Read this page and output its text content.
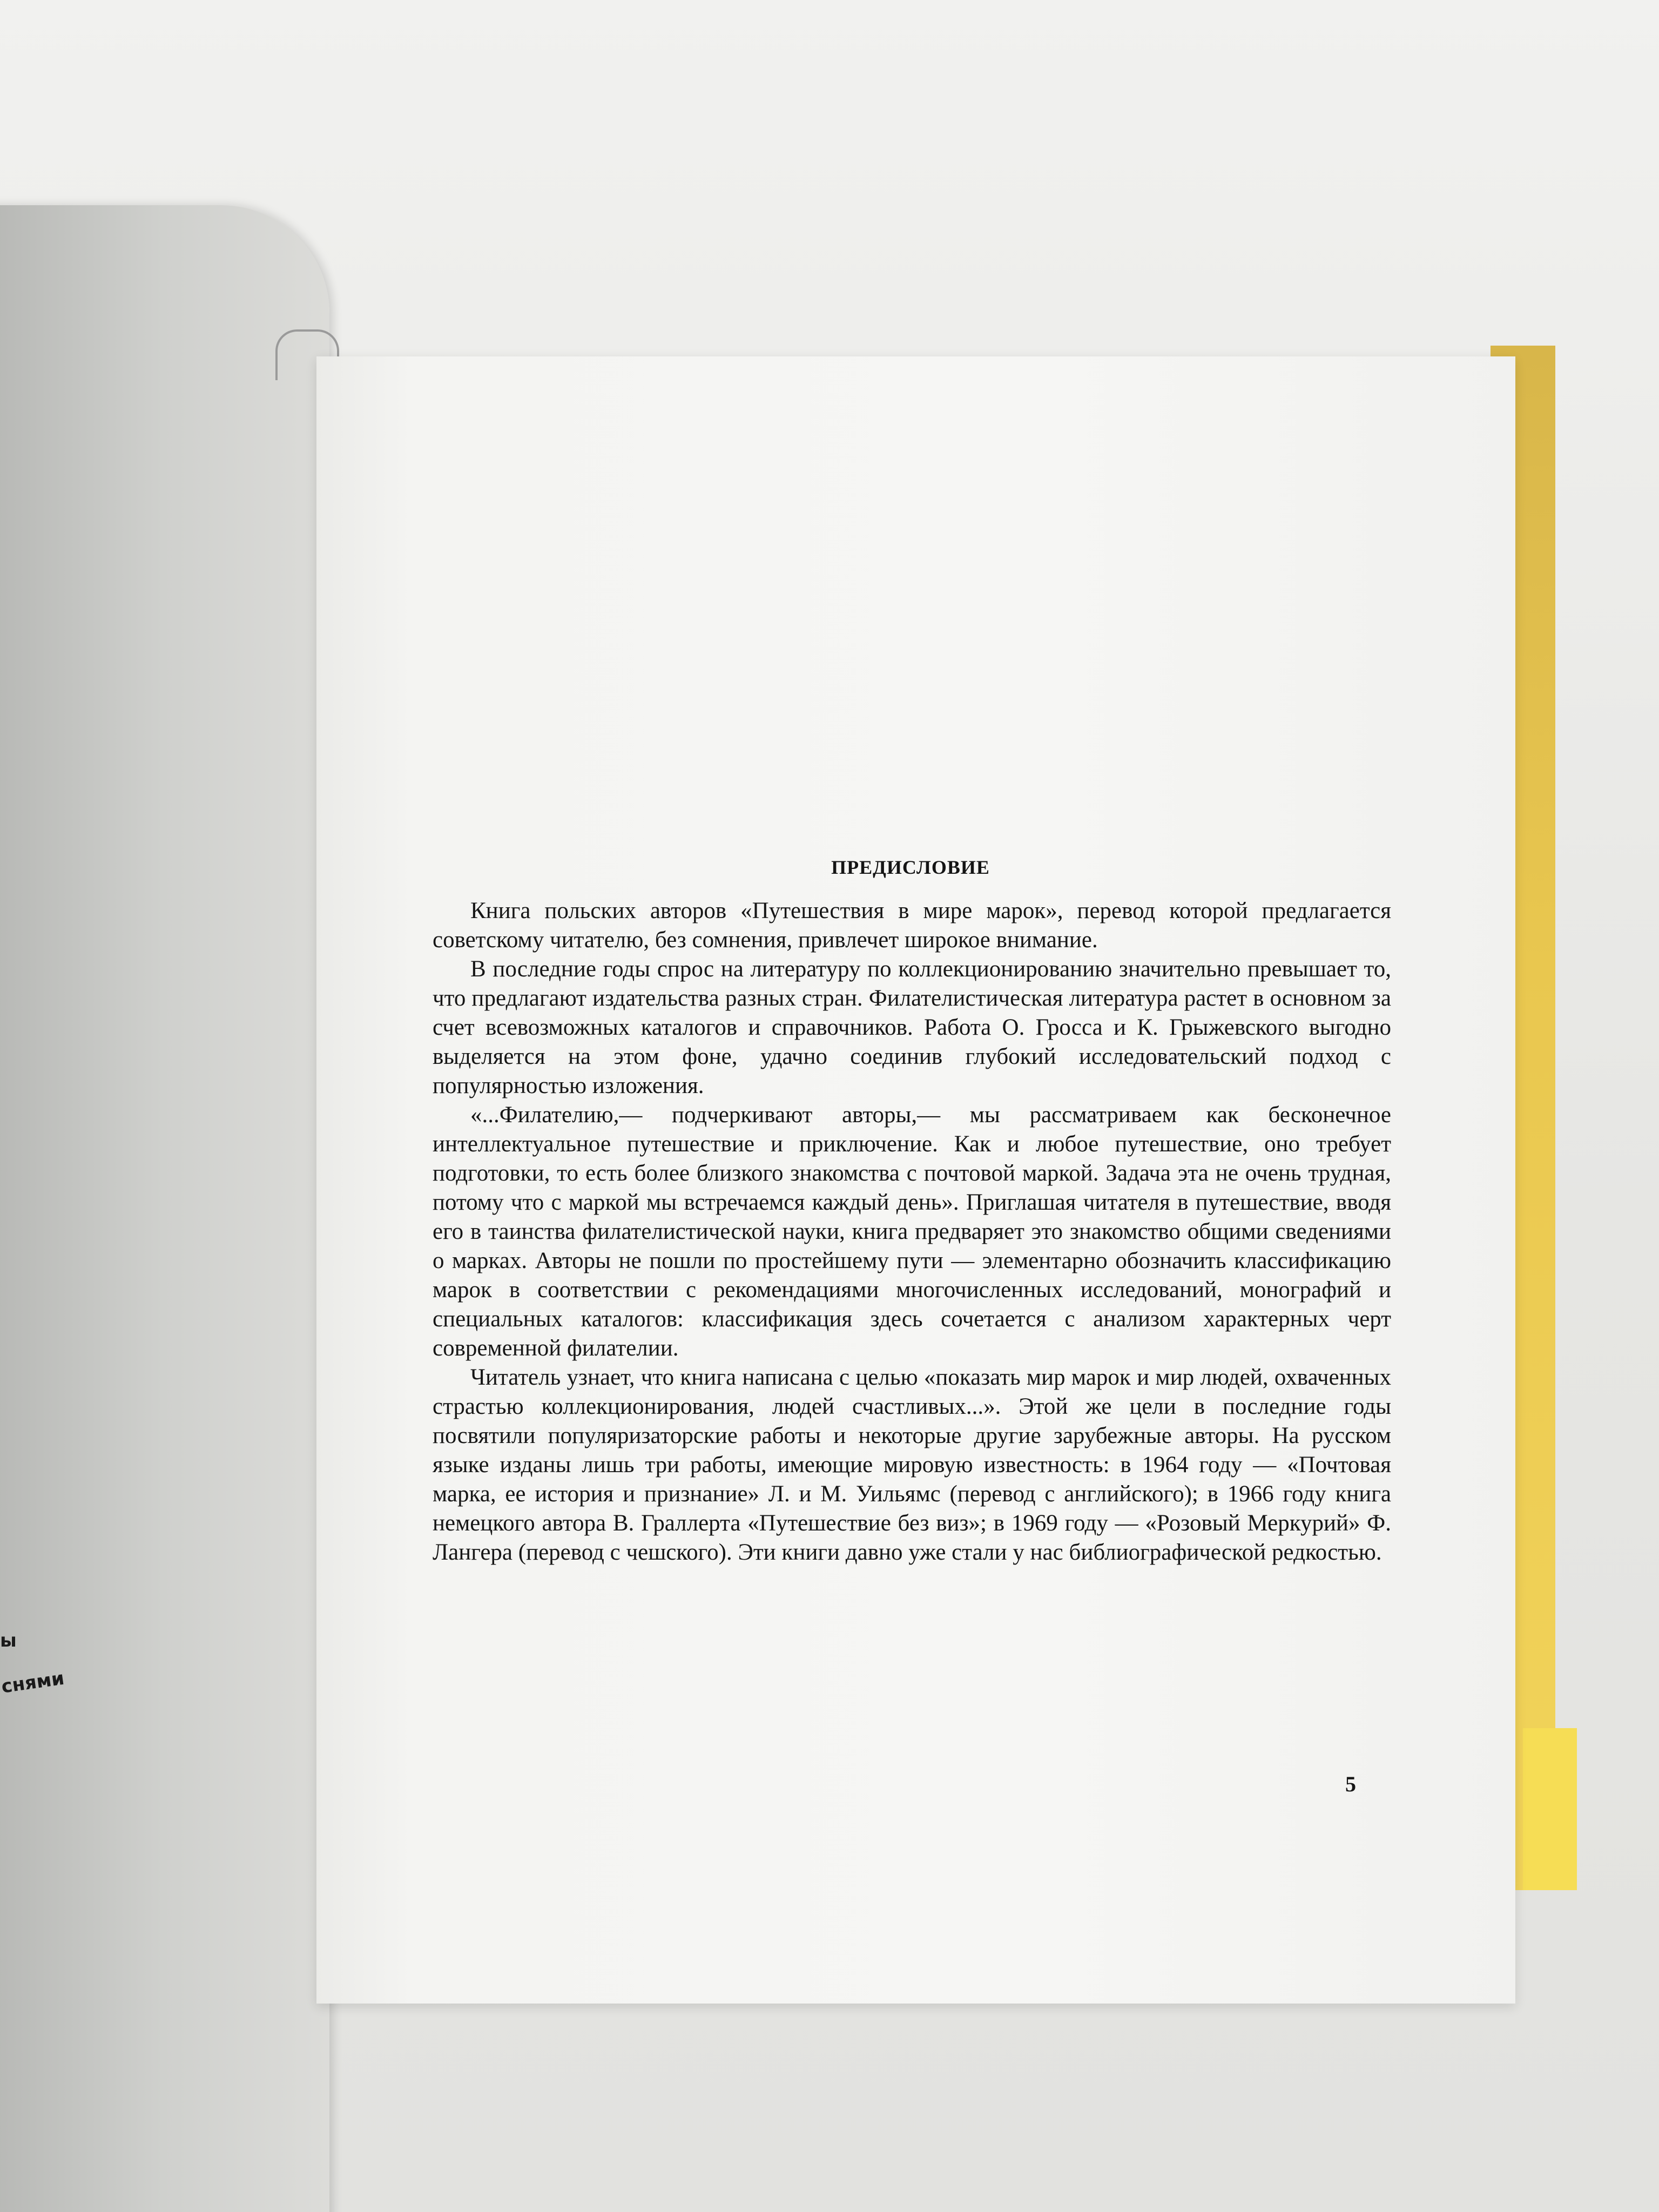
ы
снями
ПРЕДИСЛОВИЕ

Книга польских авторов «Путешествия в мире марок», перевод которой предлагается советскому читателю, без сомнения, привлечет широкое внимание.

В последние годы спрос на литературу по коллекционированию значительно превышает то, что предлагают издательства разных стран. Филателистическая литература растет в основном за счет всевозможных каталогов и справочников. Работа О. Гросса и К. Грыжевского выгодно выделяется на этом фоне, удачно соединив глубокий исследовательский подход с популярностью изложения.

«...Филателию,— подчеркивают авторы,— мы рассматриваем как бесконечное интеллектуальное путешествие и приключение. Как и любое путешествие, оно требует подготовки, то есть более близкого знакомства с почтовой маркой. Задача эта не очень трудная, потому что с маркой мы встречаемся каждый день». Приглашая читателя в путешествие, вводя его в таинства филателистической науки, книга предваряет это знакомство общими сведениями о марках. Авторы не пошли по простейшему пути — элементарно обозначить классификацию марок в соответствии с рекомендациями многочисленных исследований, монографий и специальных каталогов: классификация здесь сочетается с анализом характерных черт современной филателии.

Читатель узнает, что книга написана с целью «показать мир марок и мир людей, охваченных страстью коллекционирования, людей счастливых...». Этой же цели в последние годы посвятили популяризаторские работы и некоторые другие зарубежные авторы. На русском языке изданы лишь три работы, имеющие мировую известность: в 1964 году — «Почтовая марка, ее история и признание» Л. и М. Уильямс (перевод с английского); в 1966 году книга немецкого автора В. Граллерта «Путешествие без виз»; в 1969 году — «Розовый Меркурий» Ф. Лангера (перевод с чешского). Эти книги давно уже стали у нас библиографической редкостью.

5
